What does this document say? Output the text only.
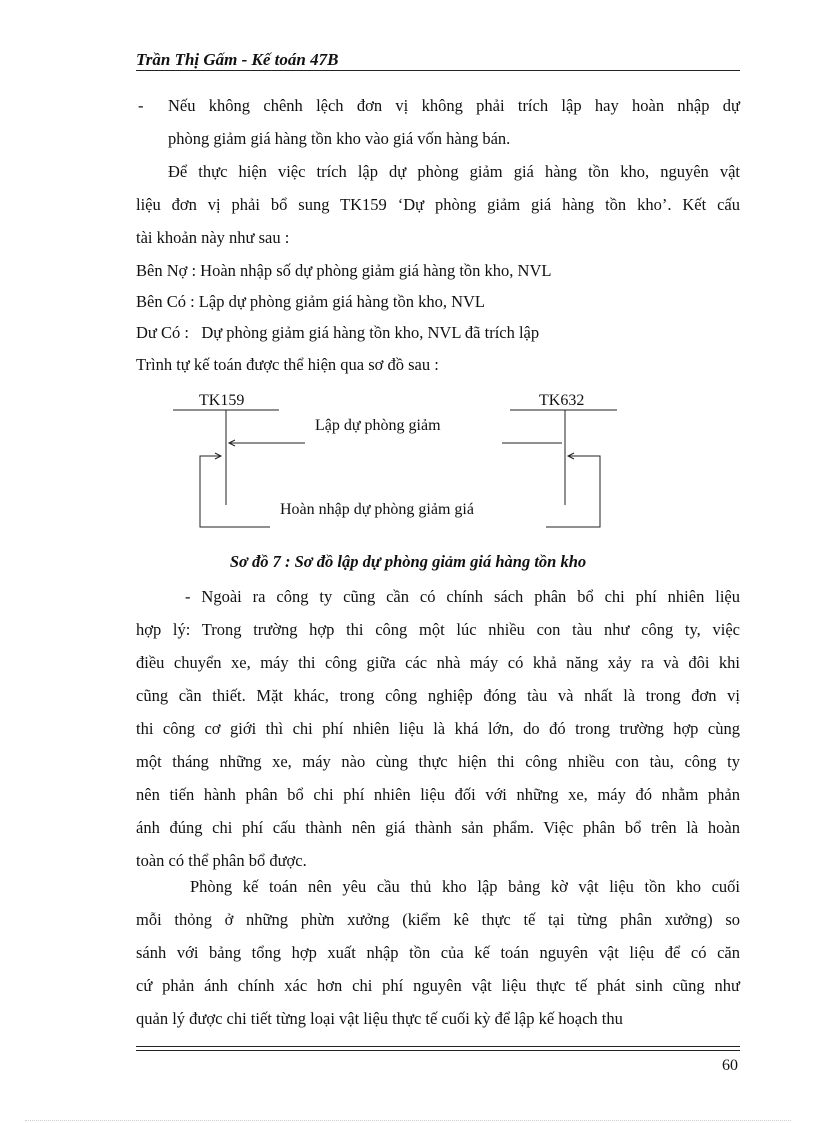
Trần Thị Gấm - Kế toán 47B
- Nếu không chênh lệch đơn vị không phải trích lập hay hoàn nhập dự
phòng giảm giá hàng tồn kho vào giá vốn hàng bán.
Để thực hiện việc trích lập dự phòng giảm giá hàng tồn kho, nguyên vật
liệu đơn vị phải bổ sung TK159 ‘Dự phòng giảm giá hàng tồn kho’. Kết cấu
tài khoản này như sau :
Bên Nợ : Hoàn nhập số dự phòng giảm giá hàng tồn kho, NVL
Bên Có : Lập dự phòng giảm giá hàng tồn kho, NVL
Dư Có :   Dự phòng giảm giá hàng tồn kho, NVL đã trích lập
Trình tự kế toán được thể hiện qua sơ đồ sau :
TK159	TK632
Lập dự phòng giảm
Hoàn nhập dự phòng giảm giá
Sơ đồ 7 : Sơ đồ lập dự phòng giảm giá hàng tồn kho
- Ngoài ra công ty cũng cần có chính sách phân bổ chi phí nhiên liệu
hợp lý: Trong trường hợp thi công một lúc nhiều con tàu như công ty, việc
điều chuyển xe, máy thi công giữa các nhà máy có khả năng xảy ra và đôi khi
cũng cần thiết. Mặt khác, trong công nghiệp đóng tàu và nhất là trong đơn vị
thi công cơ giới thì chi phí nhiên liệu là khá lớn, do đó trong trường hợp cùng
một tháng những xe, máy nào cùng thực hiện thi công nhiều con tàu, công ty
nên tiến hành phân bổ chi phí nhiên liệu đối với những xe, máy đó nhằm phản
ánh đúng chi phí cấu thành nên giá thành sản phẩm. Việc phân bổ trên là hoàn
toàn có thể phân bổ được.
Phòng kế toán nên yêu cầu thủ kho lập bảng kờ vật liệu tồn kho cuối
mỗi thỏng ở những phừn xưởng (kiểm kê thực tế tại từng phân xưởng) so
sánh với bảng tổng hợp xuất nhập tồn của kế toán nguyên vật liệu để có căn
cứ phản ánh chính xác hơn chi phí nguyên vật liệu thực tế phát sinh cũng như
quản lý được chi tiết từng loại vật liệu thực tế cuối kỳ để lập kế hoạch thu
60
